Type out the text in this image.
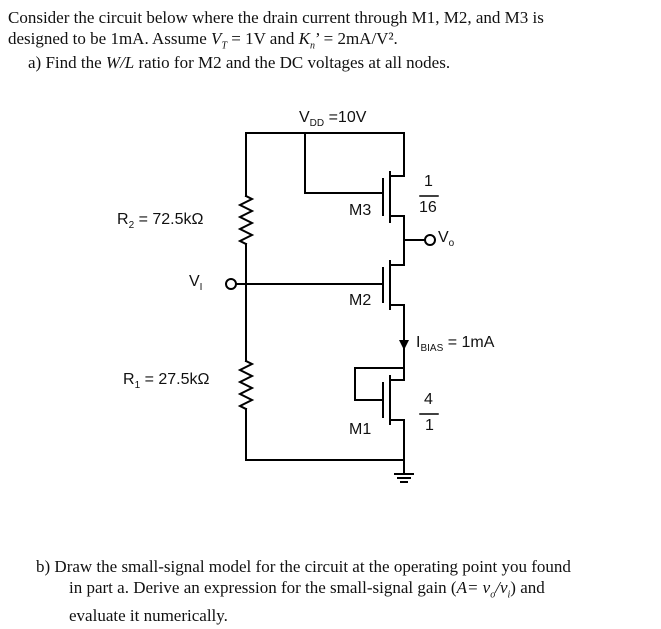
Consider the circuit below where the drain current through M1, M2, and M3 is
designed to be 1mA. Assume $V_T = 1V$ and $K_n$’ = 2mA/V².
a) Find the W/L ratio for M2 and the DC voltages at all nodes.
b) Draw the small-signal model for the circuit at the operating point you found
in part a. Derive an expression for the small-signal gain $(A= v_o/v_i)$ and
evaluate it numerically.
$V_{DD} =10V$
$R_2 = 72.5k\Omega$
$V_I$
$R_1 = 27.5k\Omega$
M3
M2
M1
1
16
4
1
$V_o$
$I_{BIAS} = 1mA$
